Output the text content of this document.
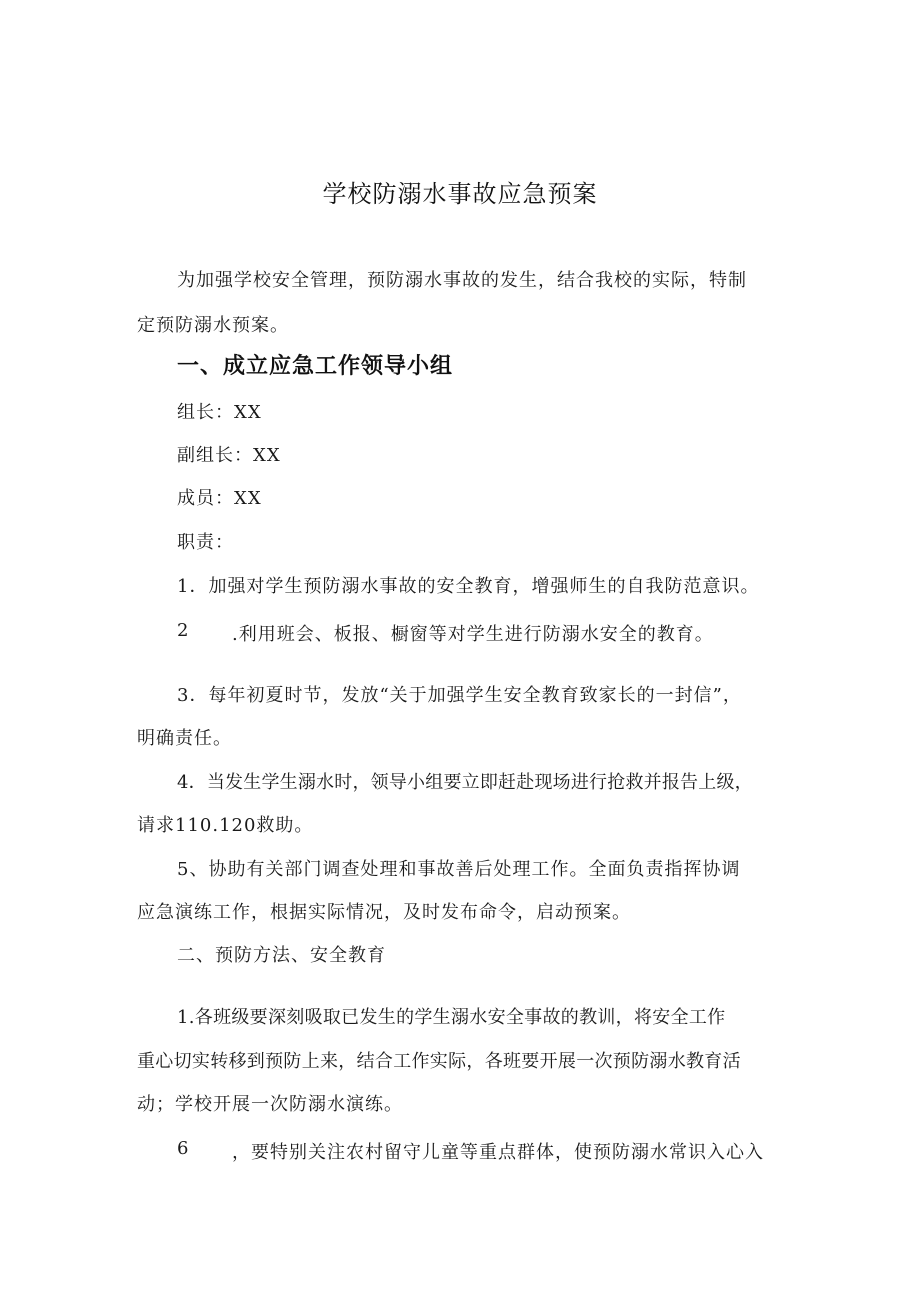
学校防溺水事故应急预案
为加强学校安全管理，预防溺水事故的发生，结合我校的实际，特制
定预防溺水预案。
一、成立应急工作领导小组
组长：XX
副组长：XX
成员：XX
职责：
1．加强对学生预防溺水事故的安全教育，增强师生的自我防范意识。
2 .利用班会、板报、橱窗等对学生进行防溺水安全的教育。
3．每年初夏时节，发放“关于加强学生安全教育致家长的一封信”，
明确责任。
4．当发生学生溺水时，领导小组要立即赶赴现场进行抢救并报告上级，
请求110.120救助。
5、协助有关部门调查处理和事故善后处理工作。全面负责指挥协调
应急演练工作，根据实际情况，及时发布命令，启动预案。
二、预防方法、安全教育
1.各班级要深刻吸取已发生的学生溺水安全事故的教训，将安全工作
重心切实转移到预防上来，结合工作实际，各班要开展一次预防溺水教育活
动；学校开展一次防溺水演练。
6 ，要特别关注农村留守儿童等重点群体，使预防溺水常识入心入
